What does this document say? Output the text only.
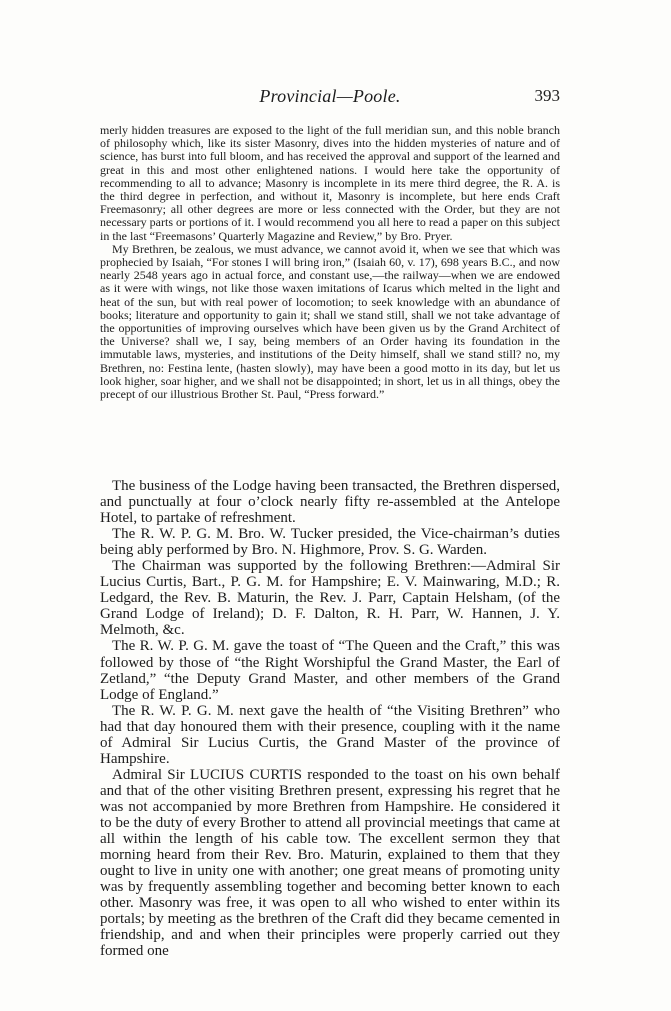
Provincial—Poole.	393

merly hidden treasures are exposed to the light of the full meridian sun, and this noble branch of philosophy which, like its sister Masonry, dives into the hidden mysteries of nature and of science, has burst into full bloom, and has received the approval and support of the learned and great in this and most other enlightened nations. I would here take the opportunity of recommending to all to advance; Masonry is incomplete in its mere third degree, the R. A. is the third degree in perfection, and without it, Masonry is incomplete, but here ends Craft Freemasonry; all other degrees are more or less connected with the Order, but they are not necessary parts or portions of it. I would recommend you all here to read a paper on this subject in the last “Freemasons’ Quarterly Magazine and Review,” by Bro. Pryer.

My Brethren, be zealous, we must advance, we cannot avoid it, when we see that which was prophecied by Isaiah, “For stones I will bring iron,” (Isaiah 60, v. 17), 698 years B.C., and now nearly 2548 years ago in actual force, and constant use,—the railway—when we are endowed as it were with wings, not like those waxen imitations of Icarus which melted in the light and heat of the sun, but with real power of locomotion; to seek knowledge with an abundance of books; literature and opportunity to gain it; shall we stand still, shall we not take advantage of the opportunities of improving ourselves which have been given us by the Grand Architect of the Universe? shall we, I say, being members of an Order having its foundation in the immutable laws, mysteries, and institutions of the Deity himself, shall we stand still? no, my Brethren, no: Festina lente, (hasten slowly), may have been a good motto in its day, but let us look higher, soar higher, and we shall not be disappointed; in short, let us in all things, obey the precept of our illustrious Brother St. Paul, “Press forward.”

The business of the Lodge having been transacted, the Brethren dispersed, and punctually at four o’clock nearly fifty re-assembled at the Antelope Hotel, to partake of refreshment.

The R. W. P. G. M. Bro. W. Tucker presided, the Vice-chairman’s duties being ably performed by Bro. N. Highmore, Prov. S. G. Warden.

The Chairman was supported by the following Brethren:—Admiral Sir Lucius Curtis, Bart., P. G. M. for Hampshire; E. V. Mainwaring, M.D.; R. Ledgard, the Rev. B. Maturin, the Rev. J. Parr, Captain Helsham, (of the Grand Lodge of Ireland); D. F. Dalton, R. H. Parr, W. Hannen, J. Y. Melmoth, &c.

The R. W. P. G. M. gave the toast of “The Queen and the Craft,” this was followed by those of “the Right Worshipful the Grand Master, the Earl of Zetland,” “the Deputy Grand Master, and other members of the Grand Lodge of England.”

The R. W. P. G. M. next gave the health of “the Visiting Brethren” who had that day honoured them with their presence, coupling with it the name of Admiral Sir Lucius Curtis, the Grand Master of the province of Hampshire.

Admiral Sir LUCIUS CURTIS responded to the toast on his own behalf and that of the other visiting Brethren present, expressing his regret that he was not accompanied by more Brethren from Hampshire. He considered it to be the duty of every Brother to attend all provincial meetings that came at all within the length of his cable tow. The excellent sermon they that morning heard from their Rev. Bro. Maturin, explained to them that they ought to live in unity one with another; one great means of promoting unity was by frequently assembling together and becoming better known to each other. Masonry was free, it was open to all who wished to enter within its portals; by meeting as the brethren of the Craft did they became cemented in friendship, and and when their principles were properly carried out they formed one
